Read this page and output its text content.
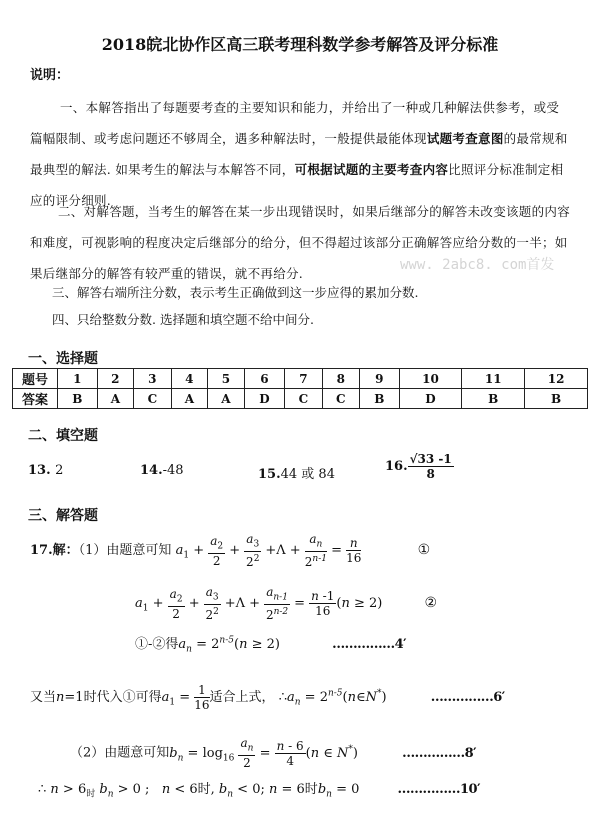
2018皖北协作区高三联考理科数学参考解答及评分标准
说明：
一、本解答指出了每题要考查的主要知识和能力，并给出了一种或几种解法供参考，或受篇幅限制、或考虑问题还不够周全，遇多种解法时，一般提供最能体现试题考查意图的最常规和最典型的解法. 如果考生的解法与本解答不同，可根据试题的主要考查内容比照评分标准制定相应的评分细则.
二、对解答题，当考生的解答在某一步出现错误时，如果后继部分的解答未改变该题的内容和难度，可视影响的程度决定后继部分的给分，但不得超过该部分正确解答应给分数的一半；如果后继部分的解答有较严重的错误，就不再给分.
www. 2abc8. com首发
三、解答右端所注分数，表示考生正确做到这一步应得的累加分数.
四、只给整数分数. 选择题和填空题不给中间分.
一、选择题
题号	1	2	3	4	5	6	7	8	9	10	11	12
答案	B	A	C	A	A	D	C	C	B	D	B	B
二、填空题
13. 2	14.-48	15.44 或 84
16. $\frac{√33 -1}{8}$
三、解答题
17.解：（1）由题意可知 $a_1 + \frac{a_2}{2} + \frac{a_3}{2^2} +\Lambda + \frac{a_n}{2^{n-1}} = \frac{n}{16}$	①
$a_1 + \frac{a_2}{2} + \frac{a_3}{2^2} +\Lambda + \frac{a_{n-1}}{2^{n-2}} = \frac{n -1}{16} (n \ge 2)$	②
①-②得$a_n = 2^{n-5}(n \ge 2)$	……………4′
又当n=1时代入①可得$a_1 = \frac{1}{16}$ 适合上式， $\therefore a_n$ = $2^{n-5}(n\in N^*)$	……………6′
（2）由题意可知$b_n = \log_{16} \frac{a_n}{2} = \frac{n - 6}{4} (n$ ∈ N*)	……………8′
∴ $n > 6_时$ $b_n > 0$ ;   n < 6时, $b_n < 0$; n = 6时$b_n = 0$	……………10′
